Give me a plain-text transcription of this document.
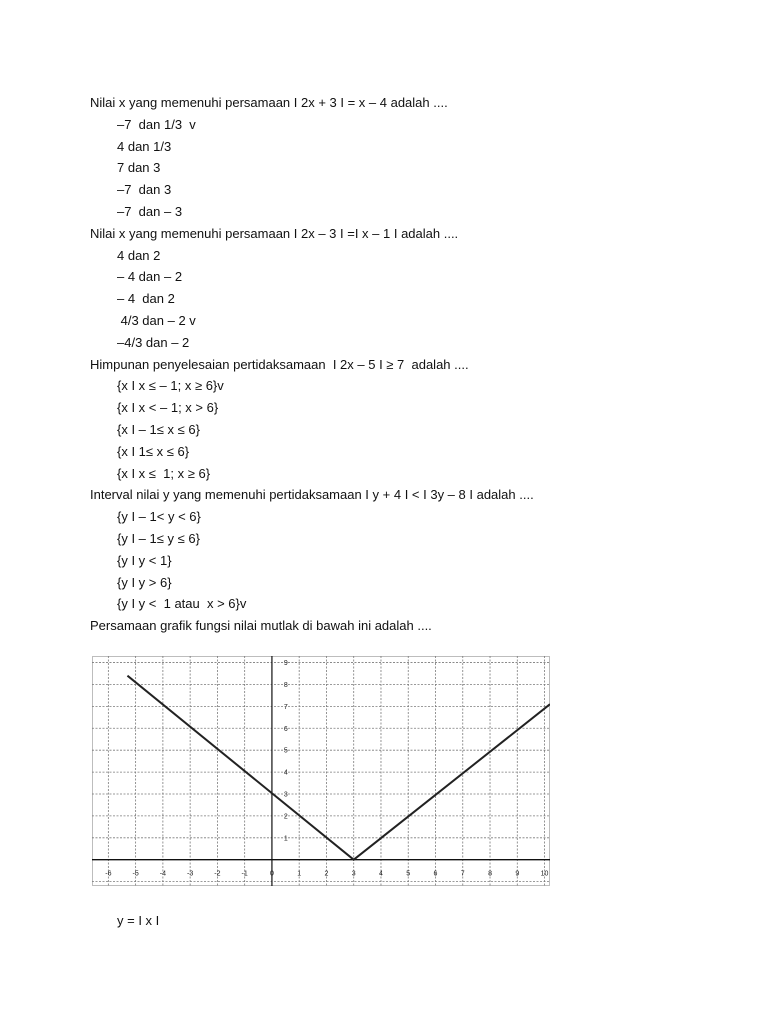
Nilai x yang memenuhi persamaan I 2x + 3 I = x – 4 adalah ....
–7  dan 1/3  v
4 dan 1/3
7 dan 3
–7  dan 3
–7  dan – 3
Nilai x yang memenuhi persamaan I 2x – 3 I =I x – 1 I adalah ....
4 dan 2
– 4 dan – 2
– 4  dan 2
4/3 dan – 2 v
–4/3 dan – 2
Himpunan penyelesaian pertidaksamaan  I 2x – 5 I ≥ 7  adalah ....
{x I x ≤ – 1; x ≥ 6}v
{x I x < – 1; x > 6}
{x I – 1≤ x ≤ 6}
{x I 1≤ x ≤ 6}
{x I x ≤  1; x ≥ 6}
Interval nilai y yang memenuhi pertidaksamaan I y + 4 I < I 3y – 8 I adalah ....
{y I – 1< y < 6}
{y I – 1≤ y ≤ 6}
{y I y < 1}
{y I y > 6}
{y I y <  1 atau  x > 6}v
Persamaan grafik fungsi nilai mutlak di bawah ini adalah ....
-6	-5	-4	-3	-2	-1	0	1	2	3	4	5	6	7	8	9	10
1
2
3
4
5
6
7
8
9
y = I x I
